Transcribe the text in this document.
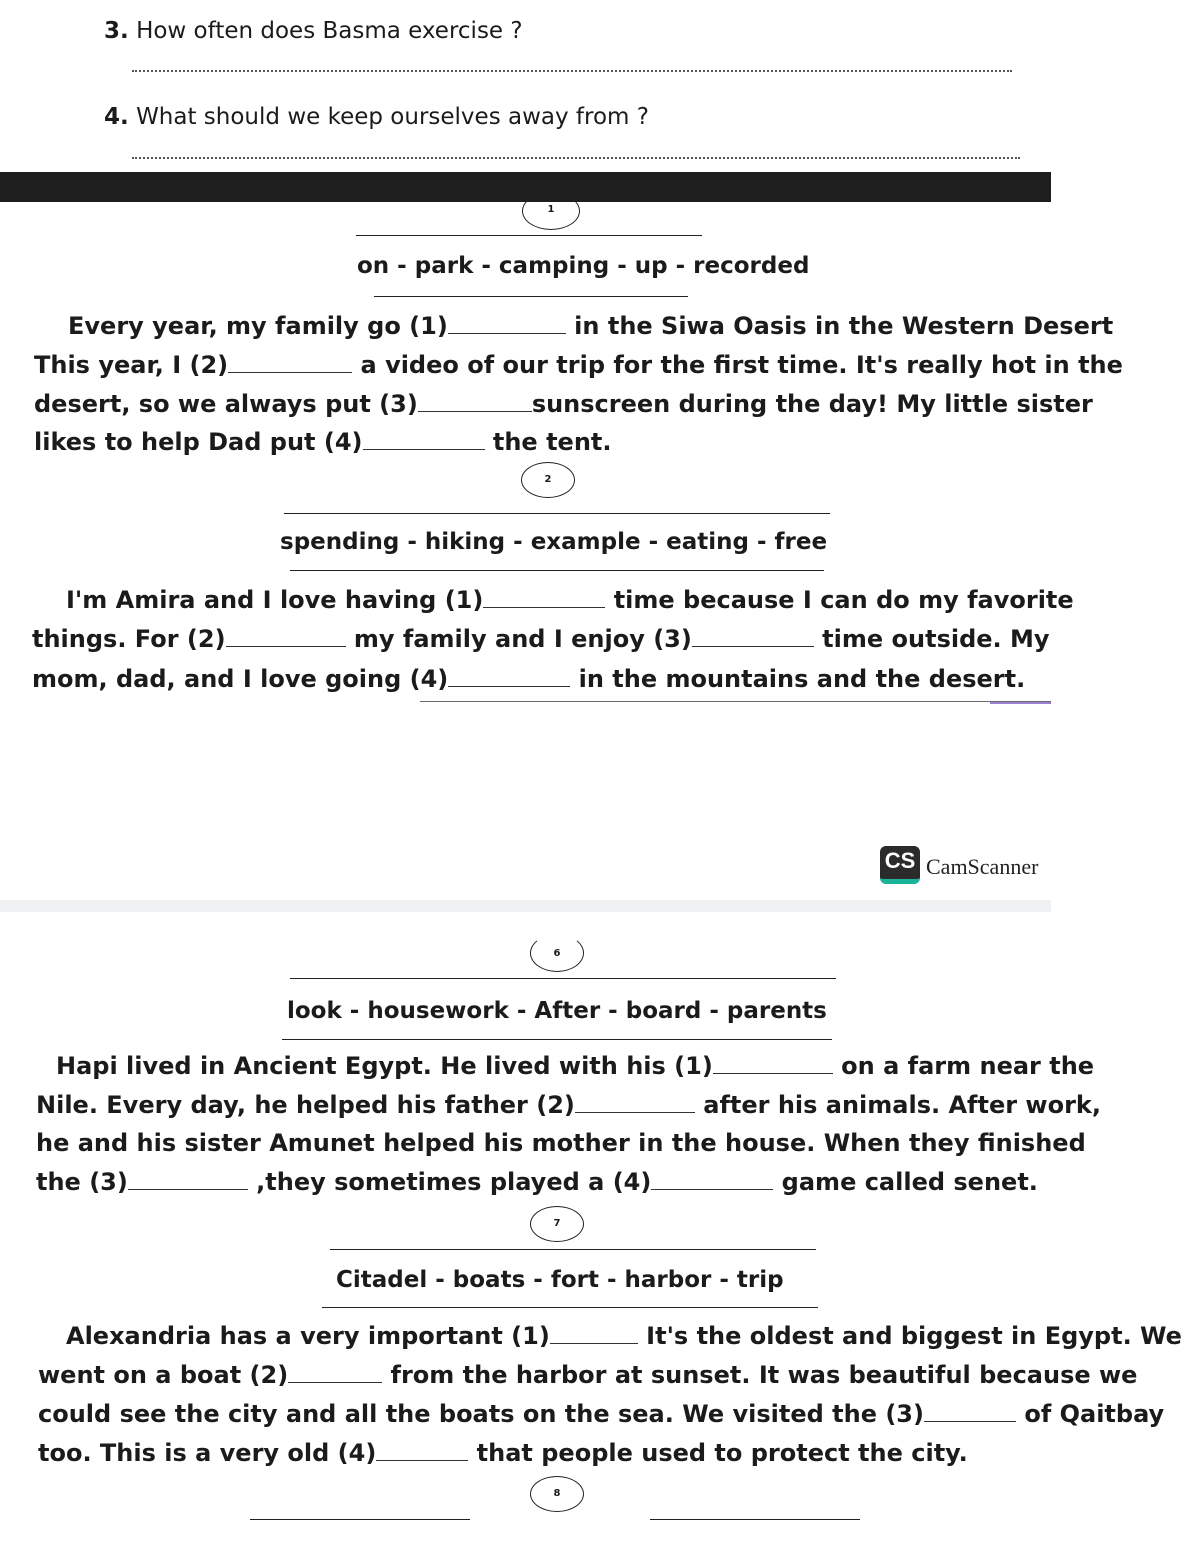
3. How often does Basma exercise ?
4. What should we keep ourselves away from ?
1
on - park - camping - up - recorded
Every year, my family go (1)	in the Siwa Oasis in the Western Desert
This year, I (2)	a video of our trip for the first time. It's really hot in the
desert, so we always put (3)	sunscreen during the day! My little sister
likes to help Dad put (4)	the tent.
2
spending - hiking - example - eating - free
I'm Amira and I love having (1)	time because I can do my favorite
things. For (2)	my family and I enjoy (3)	time outside. My
mom, dad, and I love going (4)	in the mountains and the desert.
CS CamScanner
6
look - housework - After - board - parents
Hapi lived in Ancient Egypt. He lived with his (1)	on a farm near the
Nile. Every day, he helped his father (2)	after his animals. After work,
he and his sister Amunet helped his mother in the house. When they finished
the (3)	,they sometimes played a (4)	game called senet.
7
Citadel - boats - fort - harbor - trip
Alexandria has a very important (1)	It's the oldest and biggest in Egypt. We
went on a boat (2)	from the harbor at sunset. It was beautiful because we
could see the city and all the boats on the sea. We visited the (3)	of Qaitbay
too. This is a very old (4)	that people used to protect the city.
8
